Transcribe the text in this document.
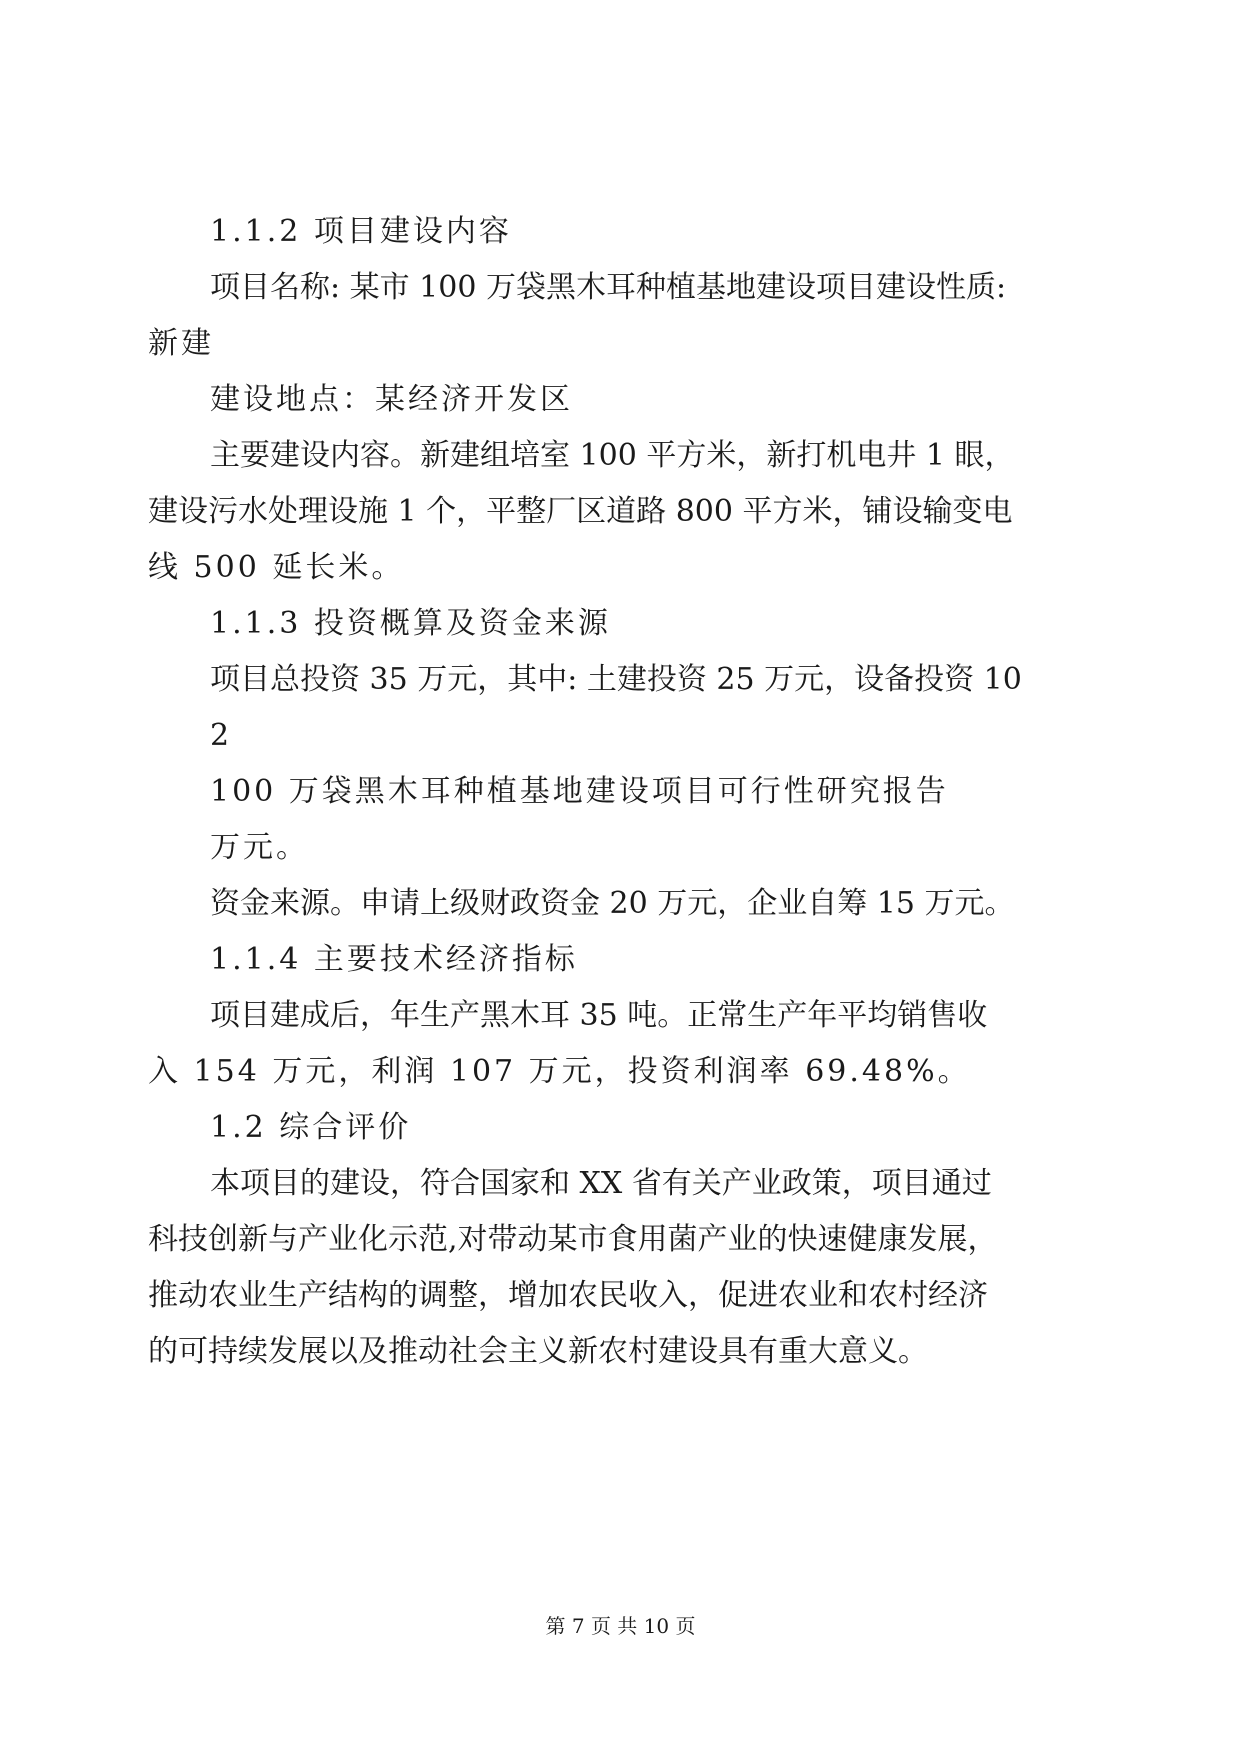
1.1.2 项目建设内容
项目名称: 某市 100 万袋黑木耳种植基地建设项目建设性质:
新建
建设地点：某经济开发区
主要建设内容。新建组培室 100 平方米，新打机电井 1 眼，
建设污水处理设施 1 个，平整厂区道路 800 平方米，铺设输变电
线 500 延长米。
1.1.3 投资概算及资金来源
项目总投资 35 万元，其中: 土建投资 25 万元，设备投资 10
2
100 万袋黑木耳种植基地建设项目可行性研究报告
万元。
资金来源。申请上级财政资金 20 万元，企业自筹 15 万元。
1.1.4 主要技术经济指标
项目建成后，年生产黑木耳 35 吨。正常生产年平均销售收
入 154 万元，利润 107 万元，投资利润率 69.48%。
1.2 综合评价
本项目的建设，符合国家和 XX 省有关产业政策，项目通过
科技创新与产业化示范,对带动某市食用菌产业的快速健康发展，
推动农业生产结构的调整，增加农民收入，促进农业和农村经济
的可持续发展以及推动社会主义新农村建设具有重大意义。
第 7 页 共 10 页
